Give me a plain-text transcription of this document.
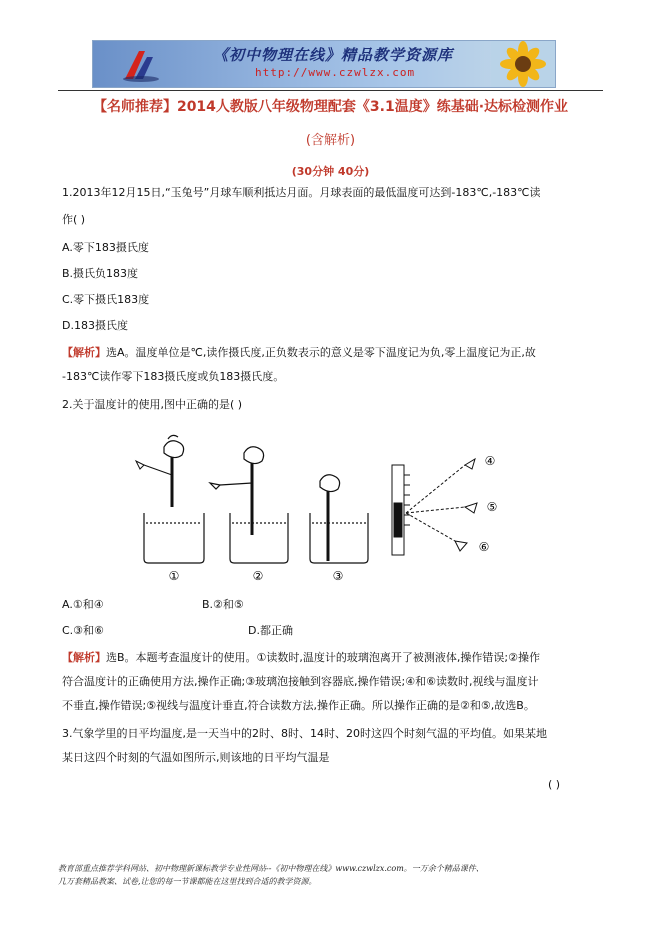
《初中物理在线》精品教学资源库
http://www.czwlzx.com
【名师推荐】2014人教版八年级物理配套《3.1温度》练基础·达标检测作业
(含解析)
(30分钟 40分)
1.2013年12月15日,“玉兔号”月球车顺利抵达月面。月球表面的最低温度可达到-183℃,-183℃读
作( )
A.零下183摄氏度
B.摄氏负183度
C.零下摄氏183度
D.183摄氏度
【解析】选A。温度单位是℃,读作摄氏度,正负数表示的意义是零下温度记为负,零上温度记为正,故
-183℃读作零下183摄氏度或负183摄氏度。
2.关于温度计的使用,图中正确的是( )
①	②	③
④
⑤
⑥
A.①和④	B.②和⑤
C.③和⑥	D.都正确
【解析】选B。本题考查温度计的使用。①读数时,温度计的玻璃泡离开了被测液体,操作错误;②操作
符合温度计的正确使用方法,操作正确;③玻璃泡接触到容器底,操作错误;④和⑥读数时,视线与温度计
不垂直,操作错误;⑤视线与温度计垂直,符合读数方法,操作正确。所以操作正确的是②和⑤,故选B。
3.气象学里的日平均温度,是一天当中的2时、8时、14时、20时这四个时刻气温的平均值。如果某地
某日这四个时刻的气温如图所示,则该地的日平均气温是
( )
教育部重点推荐学科网站、初中物理新课标教学专业性网站--《初中物理在线》www.czwlzx.com。一万余个精品课件、
几万套精品教案、试卷,让您的每一节课都能在这里找到合适的教学资源。
